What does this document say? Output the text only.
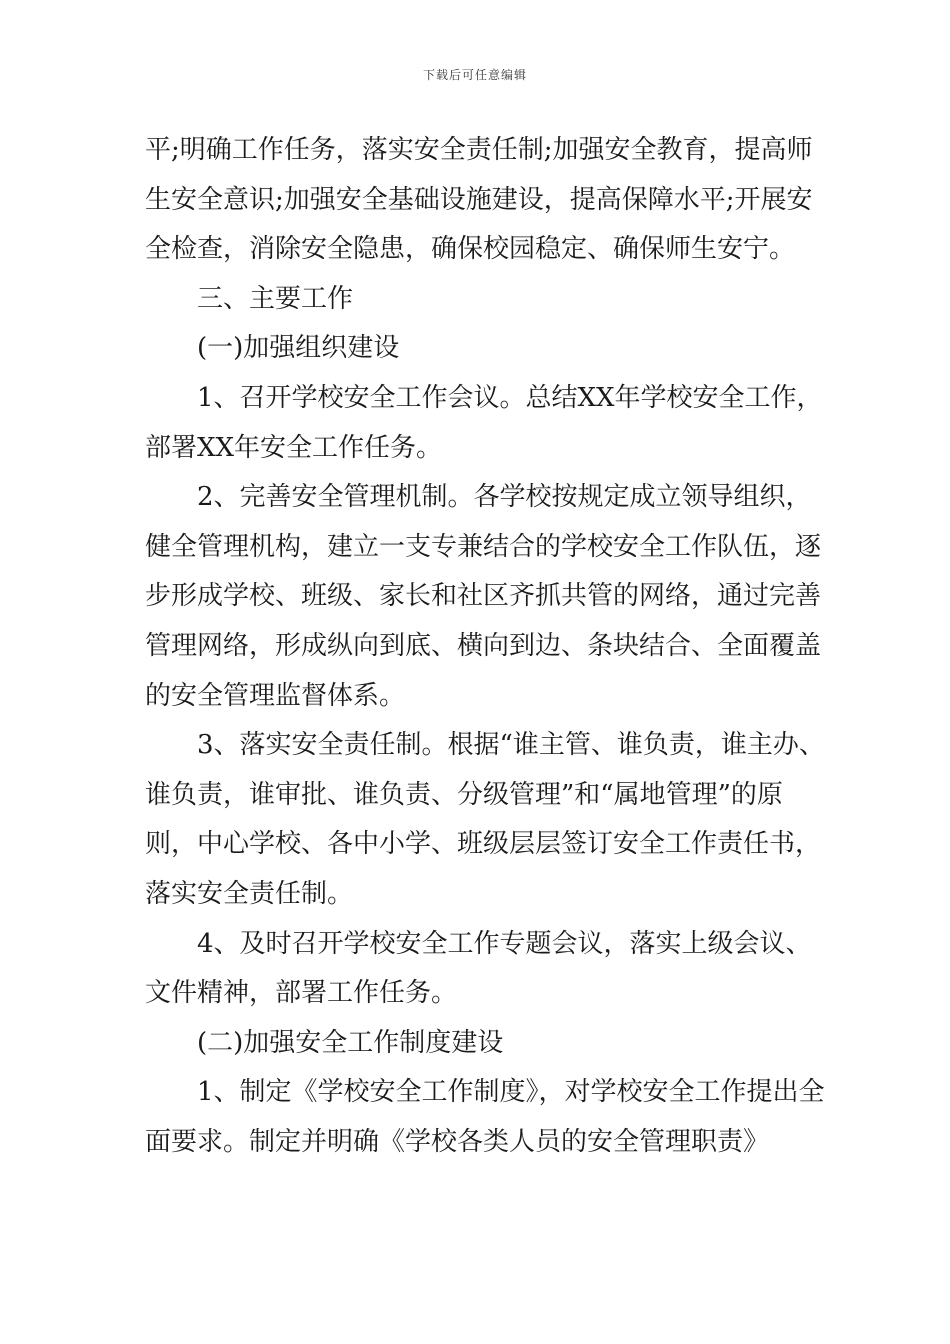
下载后可任意编辑

平;明确工作任务，落实安全责任制;加强安全教育，提高师生安全意识;加强安全基础设施建设，提高保障水平;开展安全检查，消除安全隐患，确保校园稳定、确保师生安宁。

三、主要工作

(一)加强组织建设

1、召开学校安全工作会议。总结XX年学校安全工作，部署XX年安全工作任务。

2、完善安全管理机制。各学校按规定成立领导组织，健全管理机构，建立一支专兼结合的学校安全工作队伍，逐步形成学校、班级、家长和社区齐抓共管的网络，通过完善管理网络，形成纵向到底、横向到边、条块结合、全面覆盖的安全管理监督体系。

3、落实安全责任制。根据“谁主管、谁负责，谁主办、谁负责，谁审批、谁负责、分级管理”和“属地管理”的原则，中心学校、各中小学、班级层层签订安全工作责任书，落实安全责任制。

4、及时召开学校安全工作专题会议，落实上级会议、文件精神，部署工作任务。

(二)加强安全工作制度建设

1、制定《学校安全工作制度》，对学校安全工作提出全面要求。制定并明确《学校各类人员的安全管理职责》
